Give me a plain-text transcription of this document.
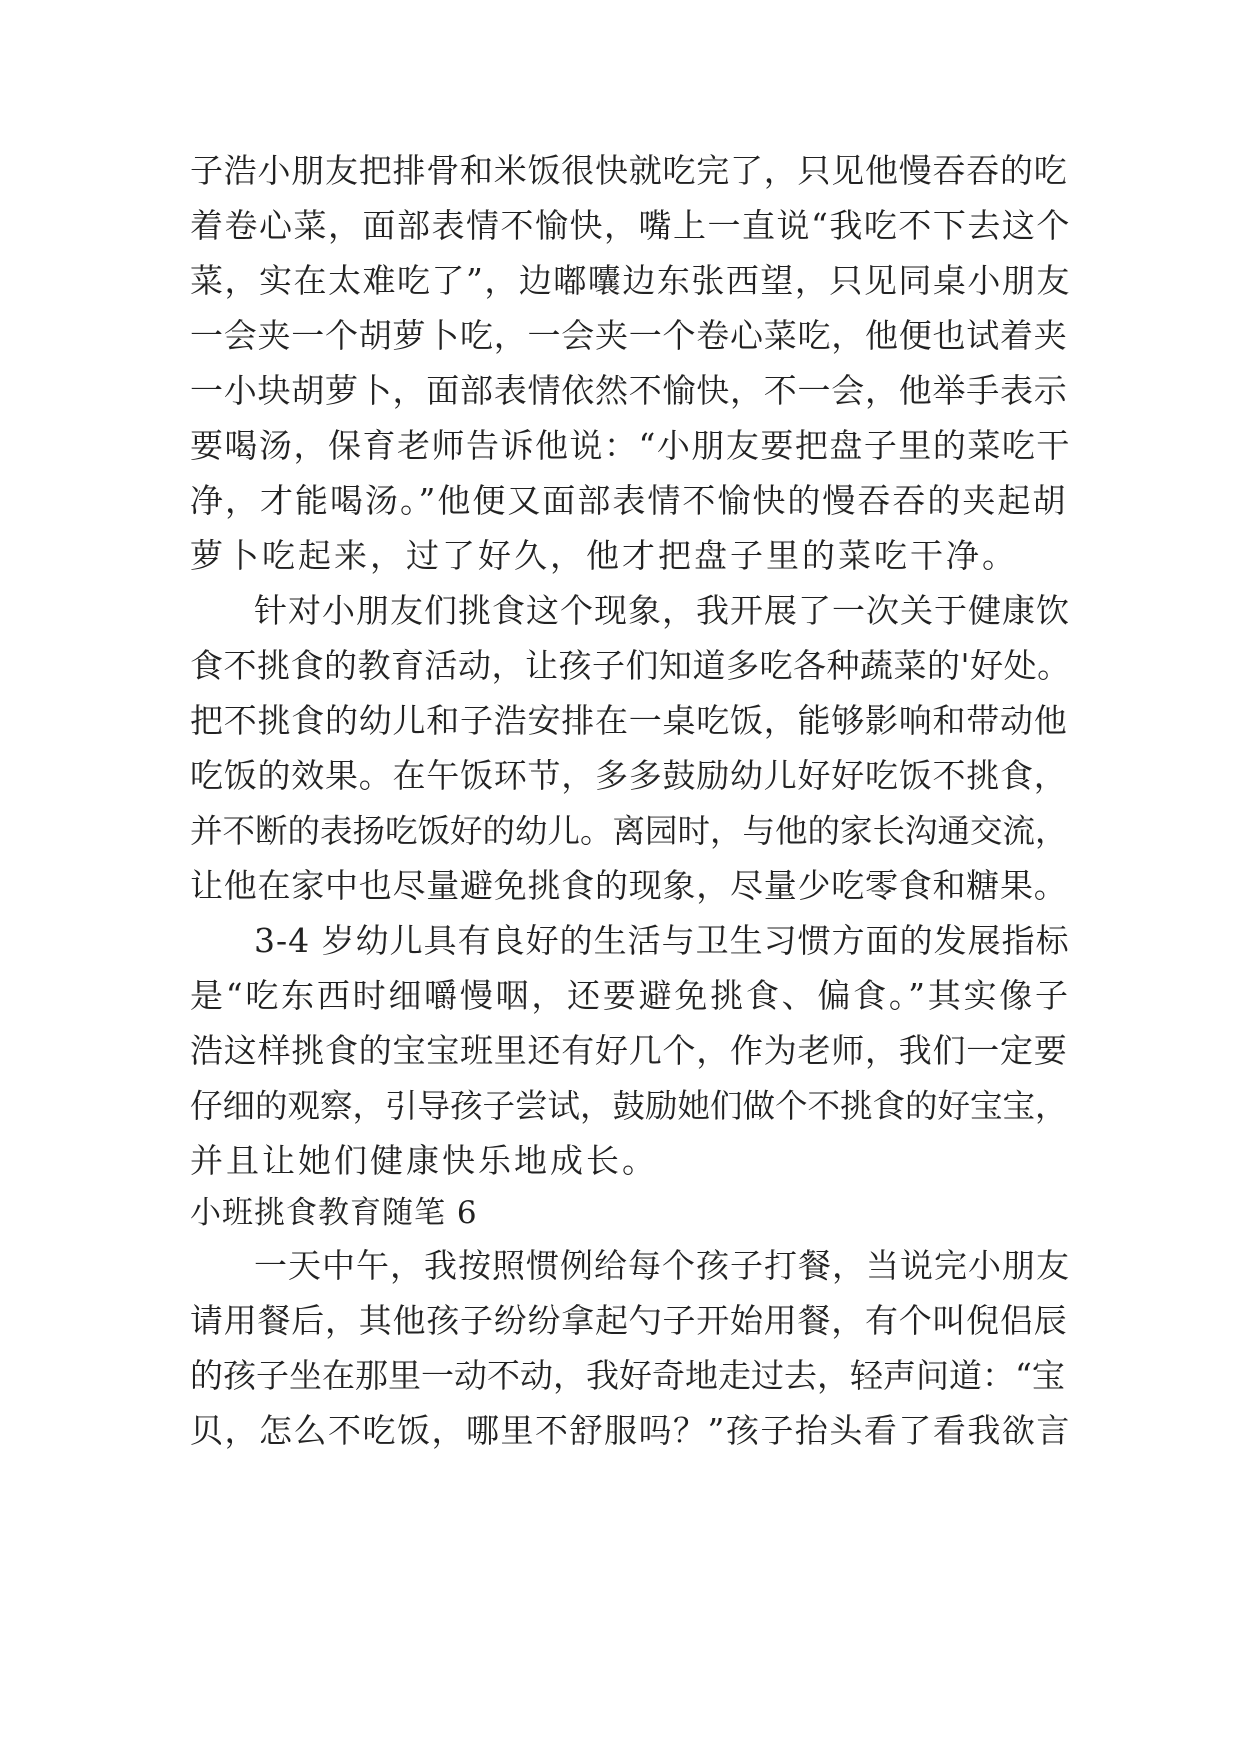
子浩小朋友把排骨和米饭很快就吃完了，只见他慢吞吞的吃
着卷心菜，面部表情不愉快，嘴上一直说“我吃不下去这个
菜，实在太难吃了”，边嘟囔边东张西望，只见同桌小朋友
一会夹一个胡萝卜吃，一会夹一个卷心菜吃，他便也试着夹
一小块胡萝卜，面部表情依然不愉快，不一会，他举手表示
要喝汤，保育老师告诉他说：“小朋友要把盘子里的菜吃干
净，才能喝汤。”他便又面部表情不愉快的慢吞吞的夹起胡
萝卜吃起来，过了好久，他才把盘子里的菜吃干净。
针对小朋友们挑食这个现象，我开展了一次关于健康饮
食不挑食的教育活动，让孩子们知道多吃各种蔬菜的'好处。
把不挑食的幼儿和子浩安排在一桌吃饭，能够影响和带动他
吃饭的效果。在午饭环节，多多鼓励幼儿好好吃饭不挑食，
并不断的表扬吃饭好的幼儿。离园时，与他的家长沟通交流，
让他在家中也尽量避免挑食的现象，尽量少吃零食和糖果。
3-4 岁幼儿具有良好的生活与卫生习惯方面的发展指标
是“吃东西时细嚼慢咽，还要避免挑食、偏食。”其实像子
浩这样挑食的宝宝班里还有好几个，作为老师，我们一定要
仔细的观察，引导孩子尝试，鼓励她们做个不挑食的好宝宝，
并且让她们健康快乐地成长。
小班挑食教育随笔 6
一天中午，我按照惯例给每个孩子打餐，当说完小朋友
请用餐后，其他孩子纷纷拿起勺子开始用餐，有个叫倪侣辰
的孩子坐在那里一动不动，我好奇地走过去，轻声问道：“宝
贝，怎么不吃饭，哪里不舒服吗？”孩子抬头看了看我欲言
